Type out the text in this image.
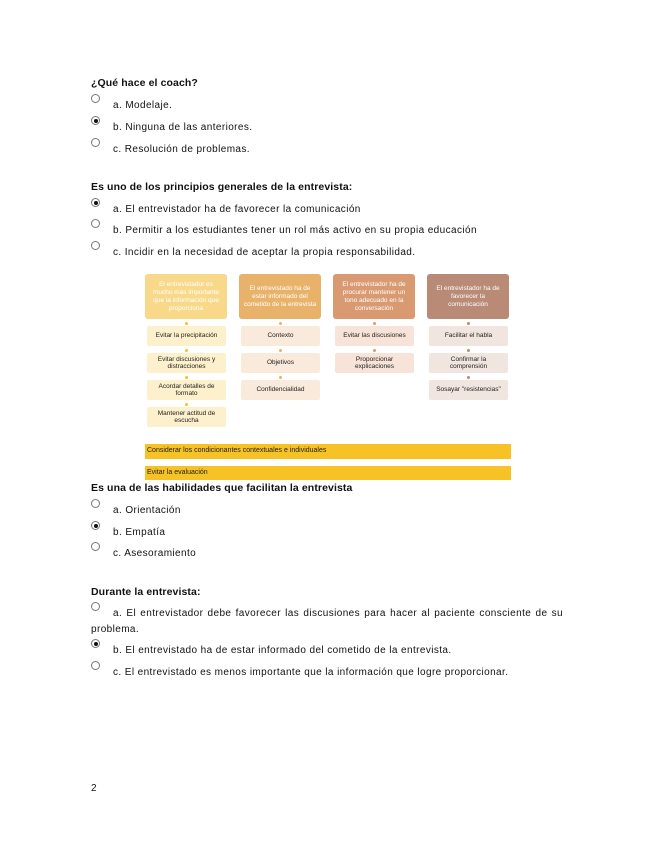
¿Qué hace el coach?
a. Modelaje.
b. Ninguna de las anteriores.
c. Resolución de problemas.
Es uno de los principios generales de la entrevista:
a. El entrevistador ha de favorecer la comunicación
b. Permitir a los estudiantes tener un rol más activo en su propia educación
c. Incidir en la necesidad de aceptar la propia responsabilidad.
El entrevistador es mucho más importante que la información que proporciona
El entrevistado ha de estar informado del cometido de la entrevista
El entrevistador ha de procurar mantener un tono adecuado en la conversación
El entrevistador ha de favorecer la comunicación
Evitar la precipitación
Evitar discusiones y distracciones
Acordar detalles de formato
Mantener actitud de escucha
Contexto
Objetivos
Confidencialidad
Evitar las discusiones
Proporcionar explicaciones
Facilitar el habla
Confirmar la comprensión
Sosayar "resistencias"
Considerar los condicionantes contextuales e individuales
Evitar la evaluación
Es una de las habilidades que facilitan la entrevista
a. Orientación
b. Empatía
c. Asesoramiento
Durante la entrevista:
a. El entrevistador debe favorecer las discusiones para hacer al paciente consciente de su
problema.
b. El entrevistado ha de estar informado del cometido de la entrevista.
c. El entrevistado es menos importante que la información que logre proporcionar.
2
